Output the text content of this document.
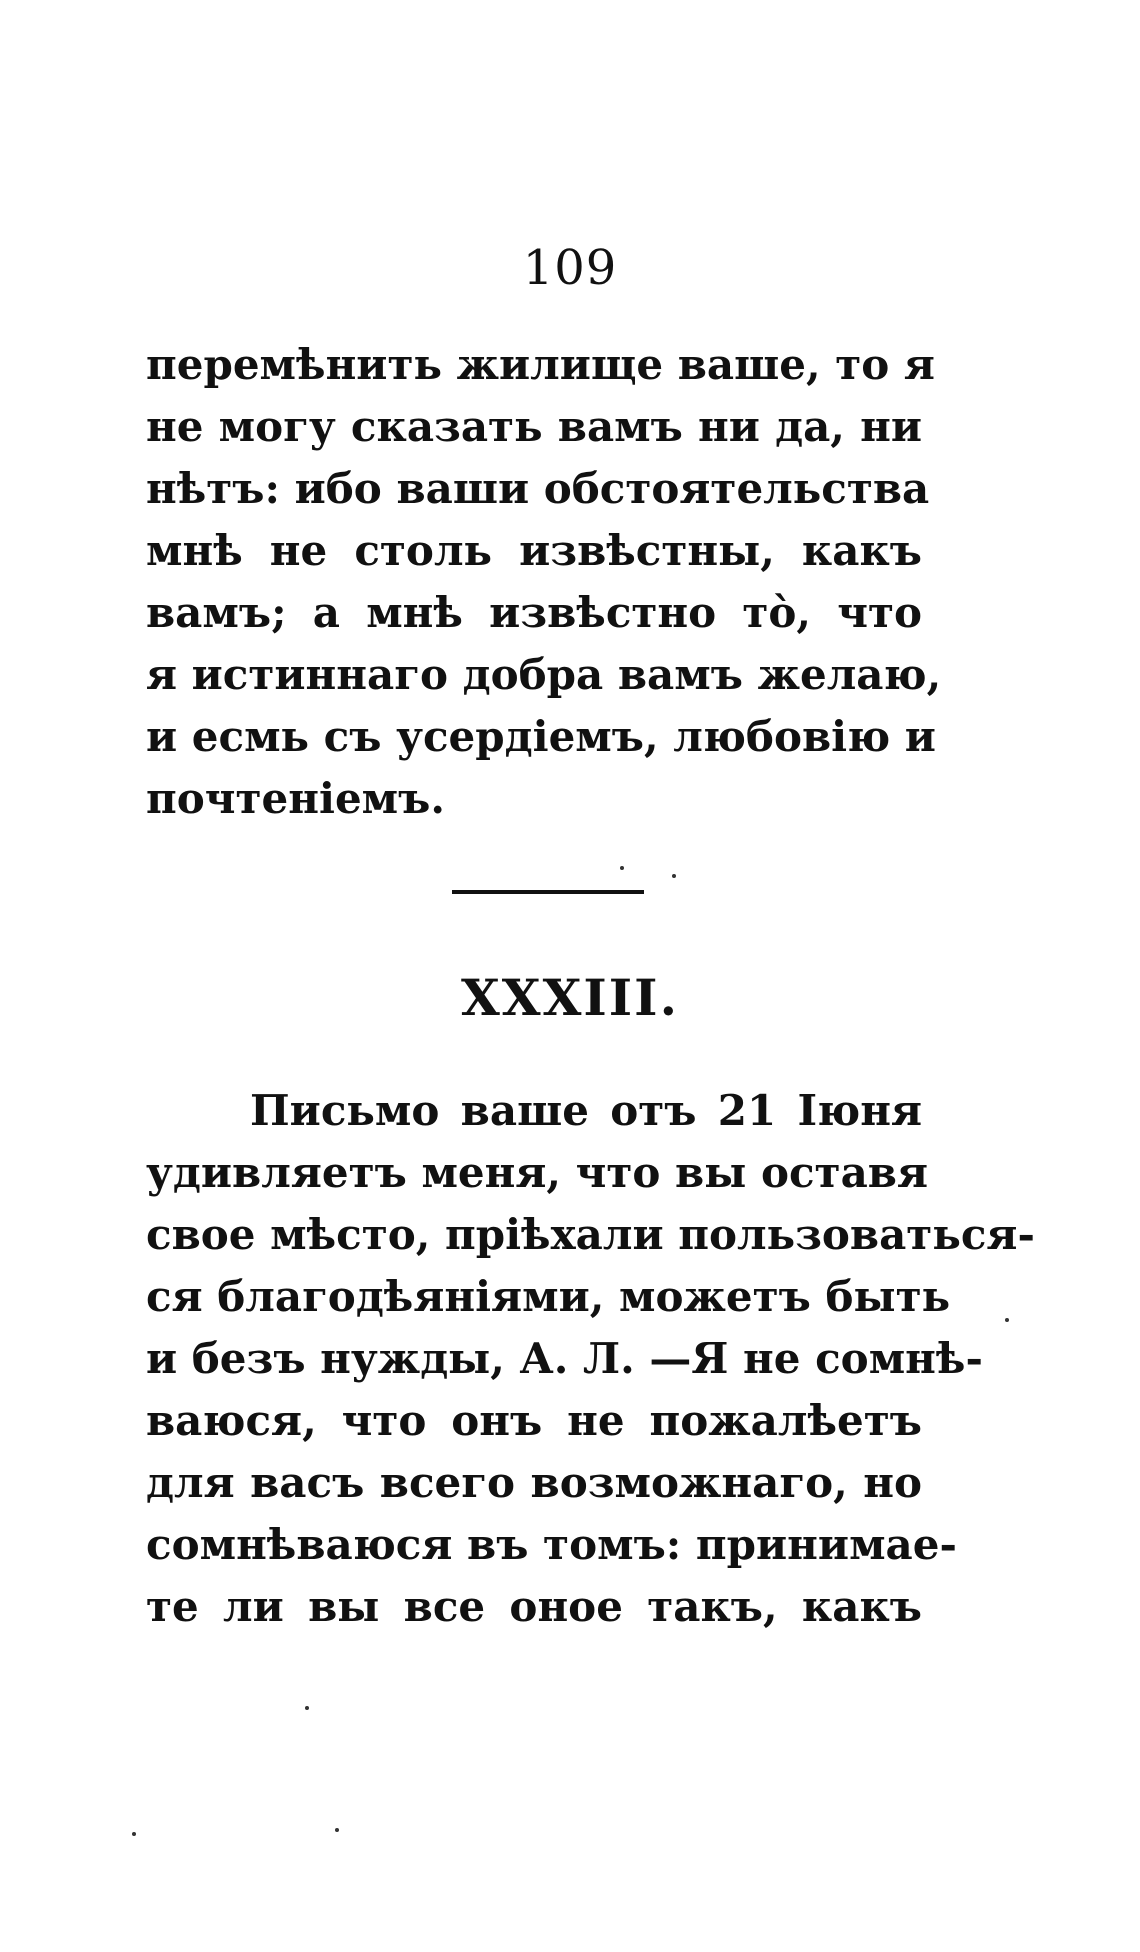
109
перемѣнить жилище ваше, то я
не могу сказать вамъ ни да, ни
нѣтъ: ибо ваши обстоятельства
мнѣ не столь извѣстны, какъ
вамъ; а мнѣ извѣстно то̀, что
я истиннаго добра вамъ желаю,
и есмь съ усердіемъ, любовію и
почтеніемъ.
XXXIII.
Письмо ваше отъ 21 Іюня
удивляетъ меня, что вы оставя
свое мѣсто, пріѣхали пользоваться-
ся благодѣяніями, можетъ быть
и безъ нужды, А. Л. —Я не сомнѣ-
ваюся, что онъ не пожалѣетъ
для васъ всего возможнаго, но
сомнѣваюся въ томъ: принимае-
те ли вы все оное такъ, какъ
